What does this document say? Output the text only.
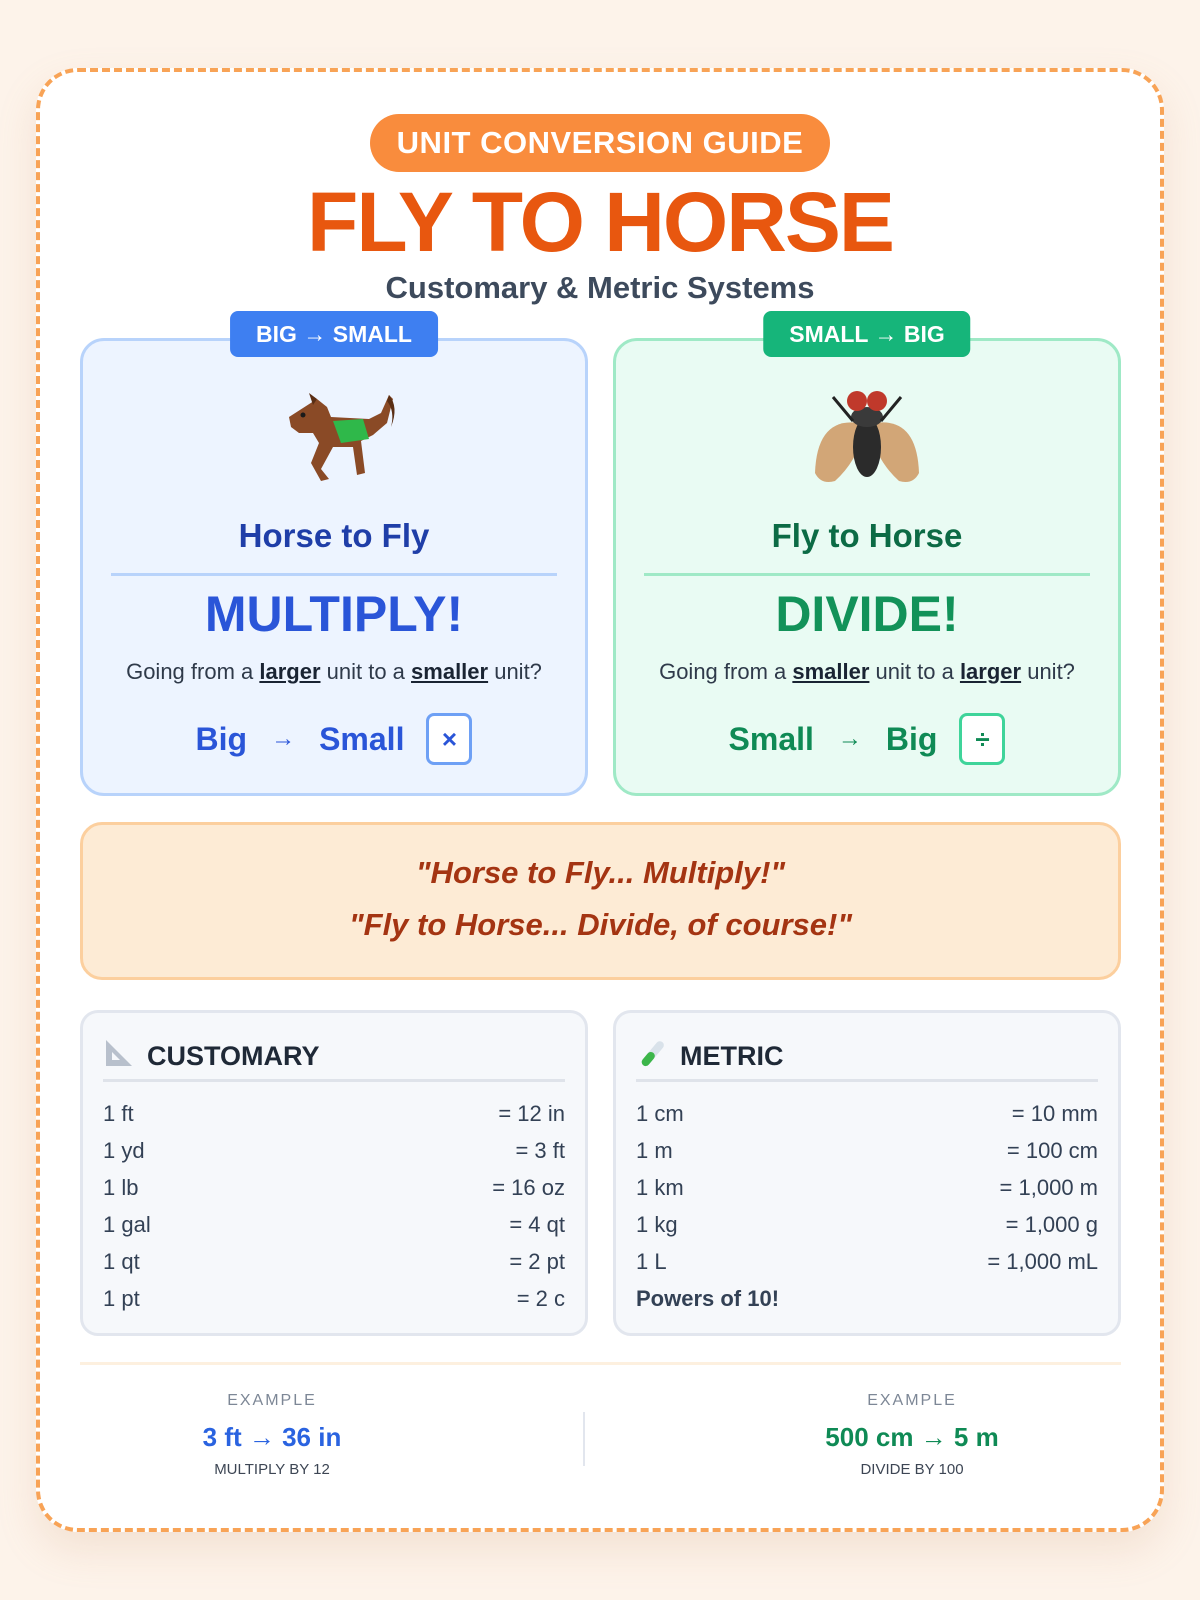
UNIT CONVERSION GUIDE
FLY TO HORSE
Customary & Metric Systems
BIG → SMALL
Horse to Fly
MULTIPLY!
Going from a larger unit to a smaller unit?
Big → Small	×
SMALL → BIG
Fly to Horse
DIVIDE!
Going from a smaller unit to a larger unit?
Small → Big	÷
"Horse to Fly... Multiply!"
"Fly to Horse... Divide, of course!"
CUSTOMARY
1 ft	= 12 in
1 yd	= 3 ft
1 lb	= 16 oz
1 gal	= 4 qt
1 qt	= 2 pt
1 pt	= 2 c
METRIC
1 cm	= 10 mm
1 m	= 100 cm
1 km	= 1,000 m
1 kg	= 1,000 g
1 L	= 1,000 mL
Powers of 10!
EXAMPLE
3 ft → 36 in
MULTIPLY BY 12
EXAMPLE
500 cm → 5 m
DIVIDE BY 100
